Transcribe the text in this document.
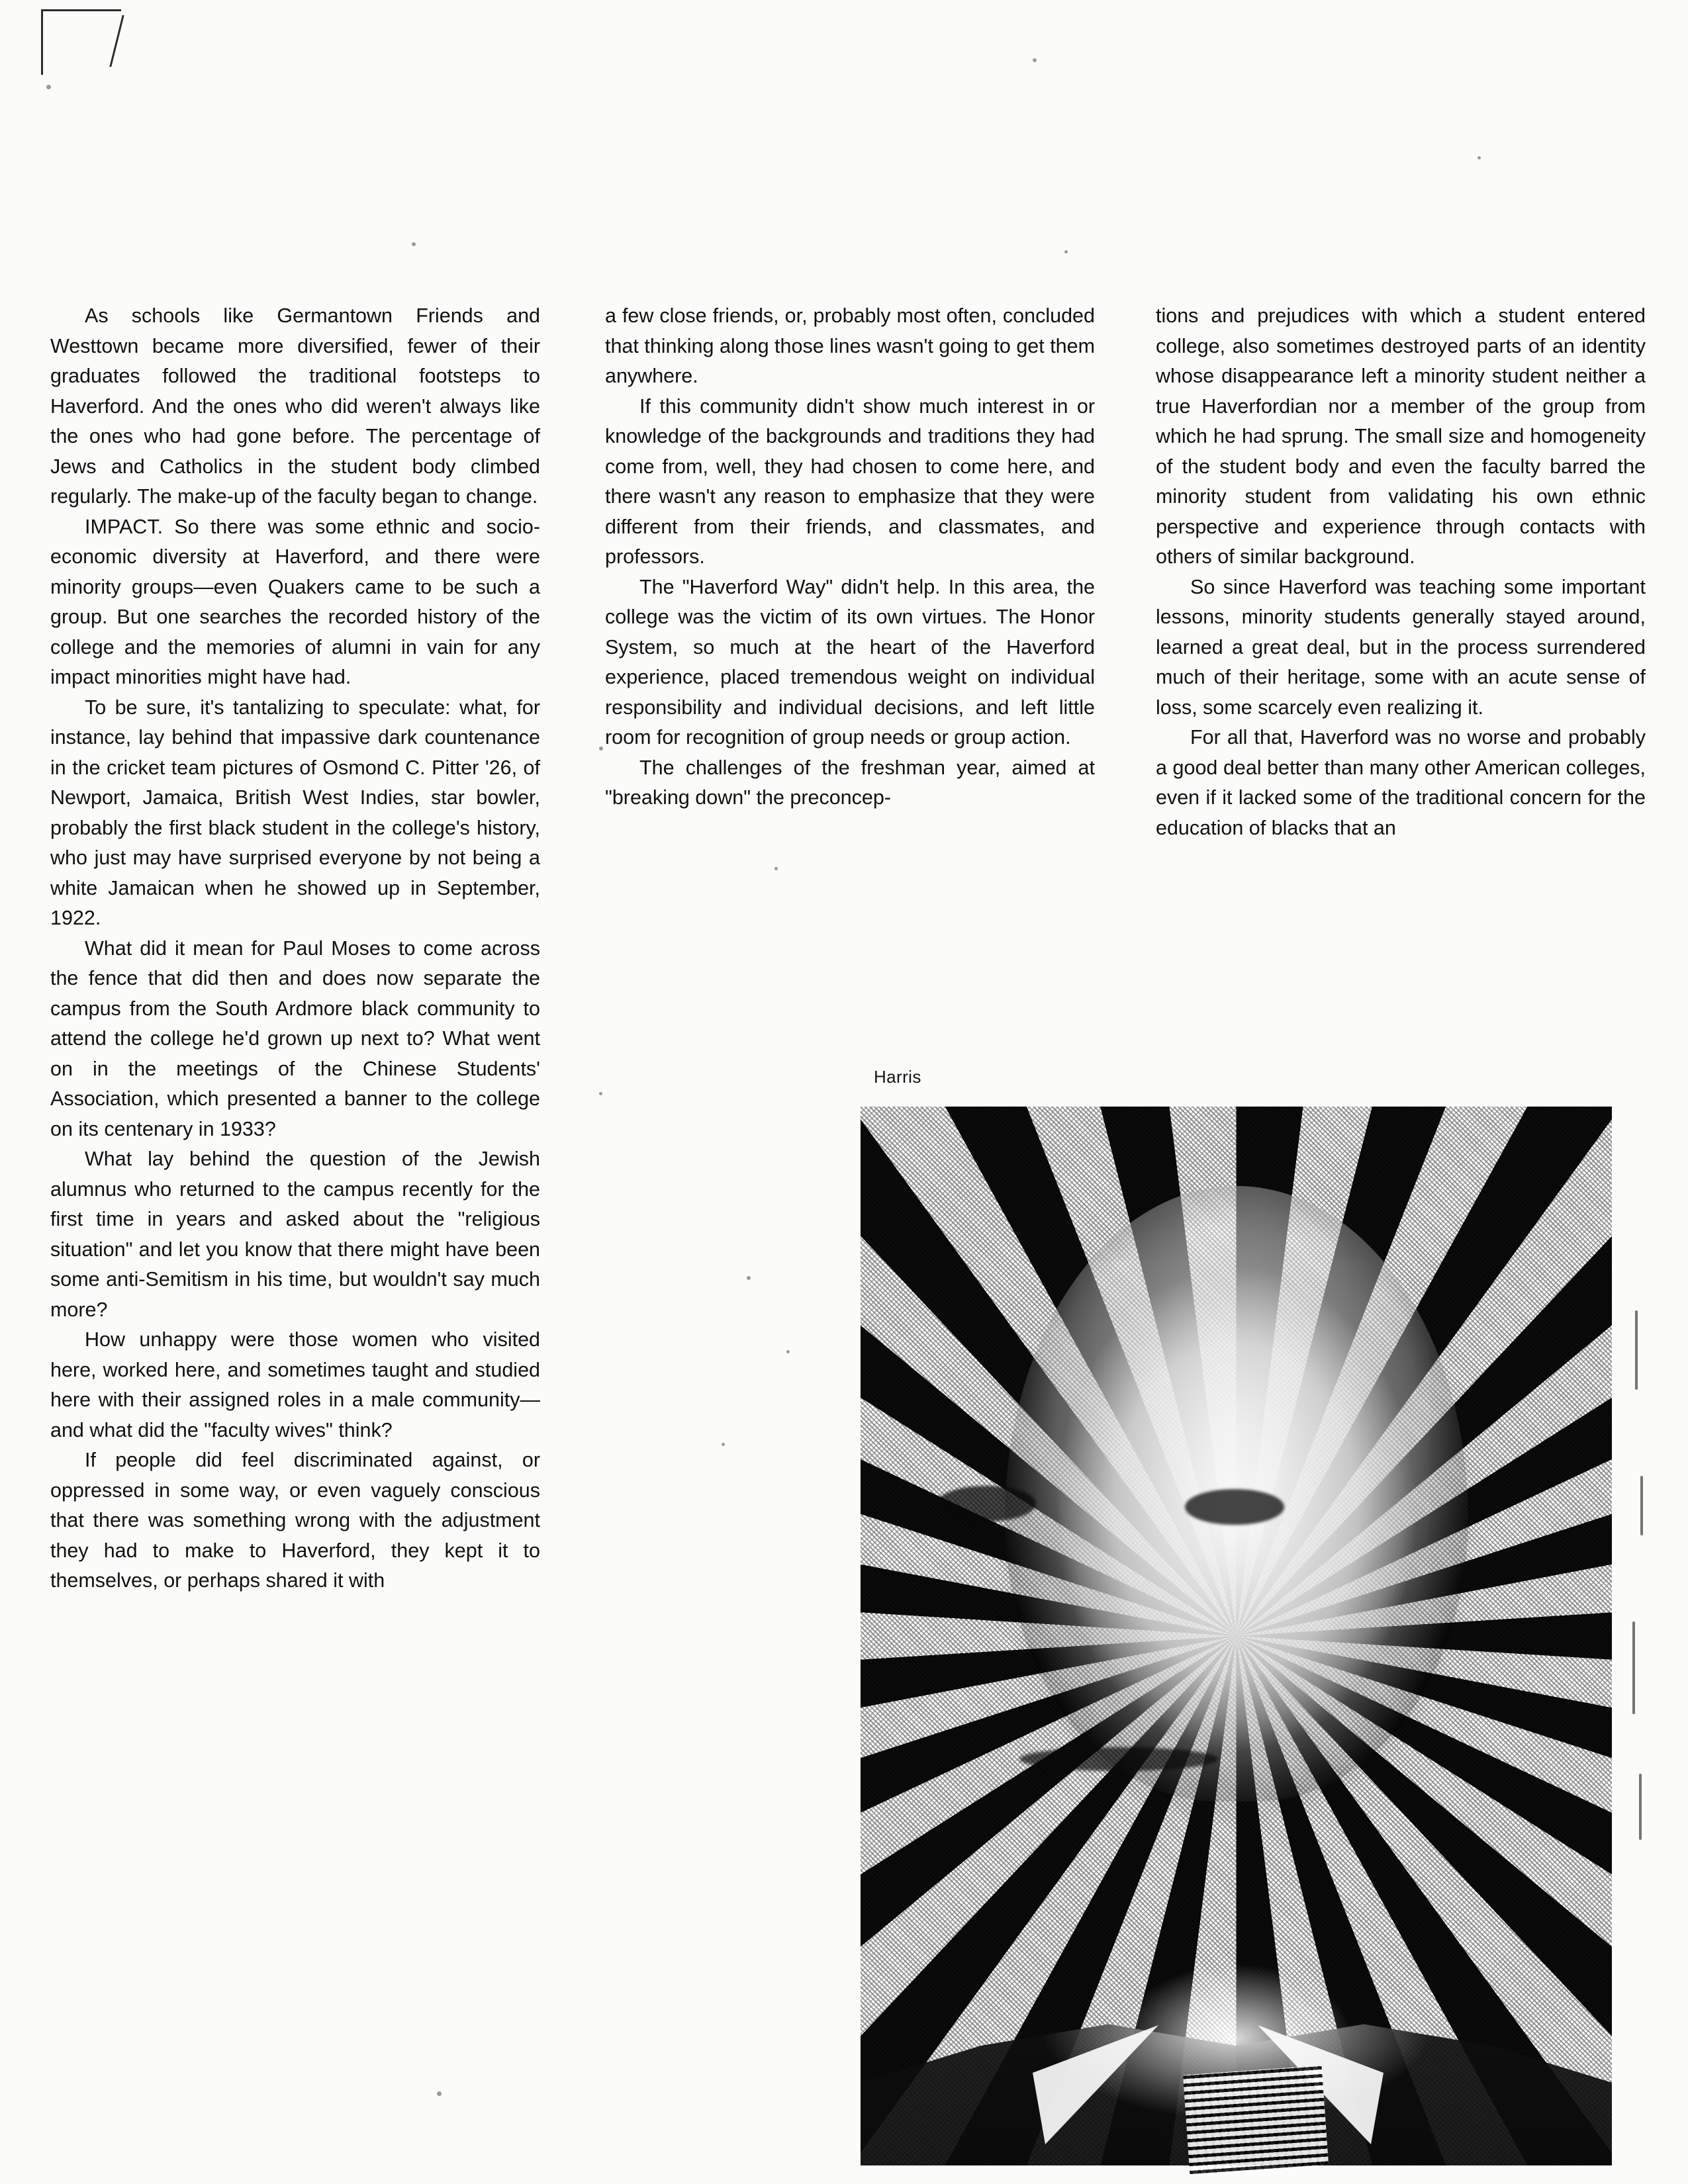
As schools like Germantown Friends and Westtown became more diversified, fewer of their graduates followed the traditional footsteps to Haverford. And the ones who did weren't always like the ones who had gone before. The percentage of Jews and Catholics in the student body climbed regularly. The make-up of the faculty began to change.

IMPACT. So there was some ethnic and socio-economic diversity at Haverford, and there were minority groups—even Quakers came to be such a group. But one searches the recorded history of the college and the memories of alumni in vain for any impact minorities might have had.

To be sure, it's tantalizing to speculate: what, for instance, lay behind that impassive dark countenance in the cricket team pictures of Osmond C. Pitter '26, of Newport, Jamaica, British West Indies, star bowler, probably the first black student in the college's history, who just may have surprised everyone by not being a white Jamaican when he showed up in September, 1922.

What did it mean for Paul Moses to come across the fence that did then and does now separate the campus from the South Ardmore black community to attend the college he'd grown up next to? What went on in the meetings of the Chinese Students' Association, which presented a banner to the college on its centenary in 1933?

What lay behind the question of the Jewish alumnus who returned to the campus recently for the first time in years and asked about the "religious situation" and let you know that there might have been some anti-Semitism in his time, but wouldn't say much more?

How unhappy were those women who visited here, worked here, and sometimes taught and studied here with their assigned roles in a male community—and what did the "faculty wives" think?

If people did feel discriminated against, or oppressed in some way, or even vaguely conscious that there was something wrong with the adjustment they had to make to Haverford, they kept it to themselves, or perhaps shared it with

a few close friends, or, probably most often, concluded that thinking along those lines wasn't going to get them anywhere.

If this community didn't show much interest in or knowledge of the backgrounds and traditions they had come from, well, they had chosen to come here, and there wasn't any reason to emphasize that they were different from their friends, and classmates, and professors.

The "Haverford Way" didn't help. In this area, the college was the victim of its own virtues. The Honor System, so much at the heart of the Haverford experience, placed tremendous weight on individual responsibility and individual decisions, and left little room for recognition of group needs or group action.

The challenges of the freshman year, aimed at "breaking down" the preconcep-

tions and prejudices with which a student entered college, also sometimes destroyed parts of an identity whose disappearance left a minority student neither a true Haverfordian nor a member of the group from which he had sprung. The small size and homogeneity of the student body and even the faculty barred the minority student from validating his own ethnic perspective and experience through contacts with others of similar background.

So since Haverford was teaching some important lessons, minority students generally stayed around, learned a great deal, but in the process surrendered much of their heritage, some with an acute sense of loss, some scarcely even realizing it.

For all that, Haverford was no worse and probably a good deal better than many other American colleges, even if it lacked some of the traditional concern for the education of blacks that an

Harris
